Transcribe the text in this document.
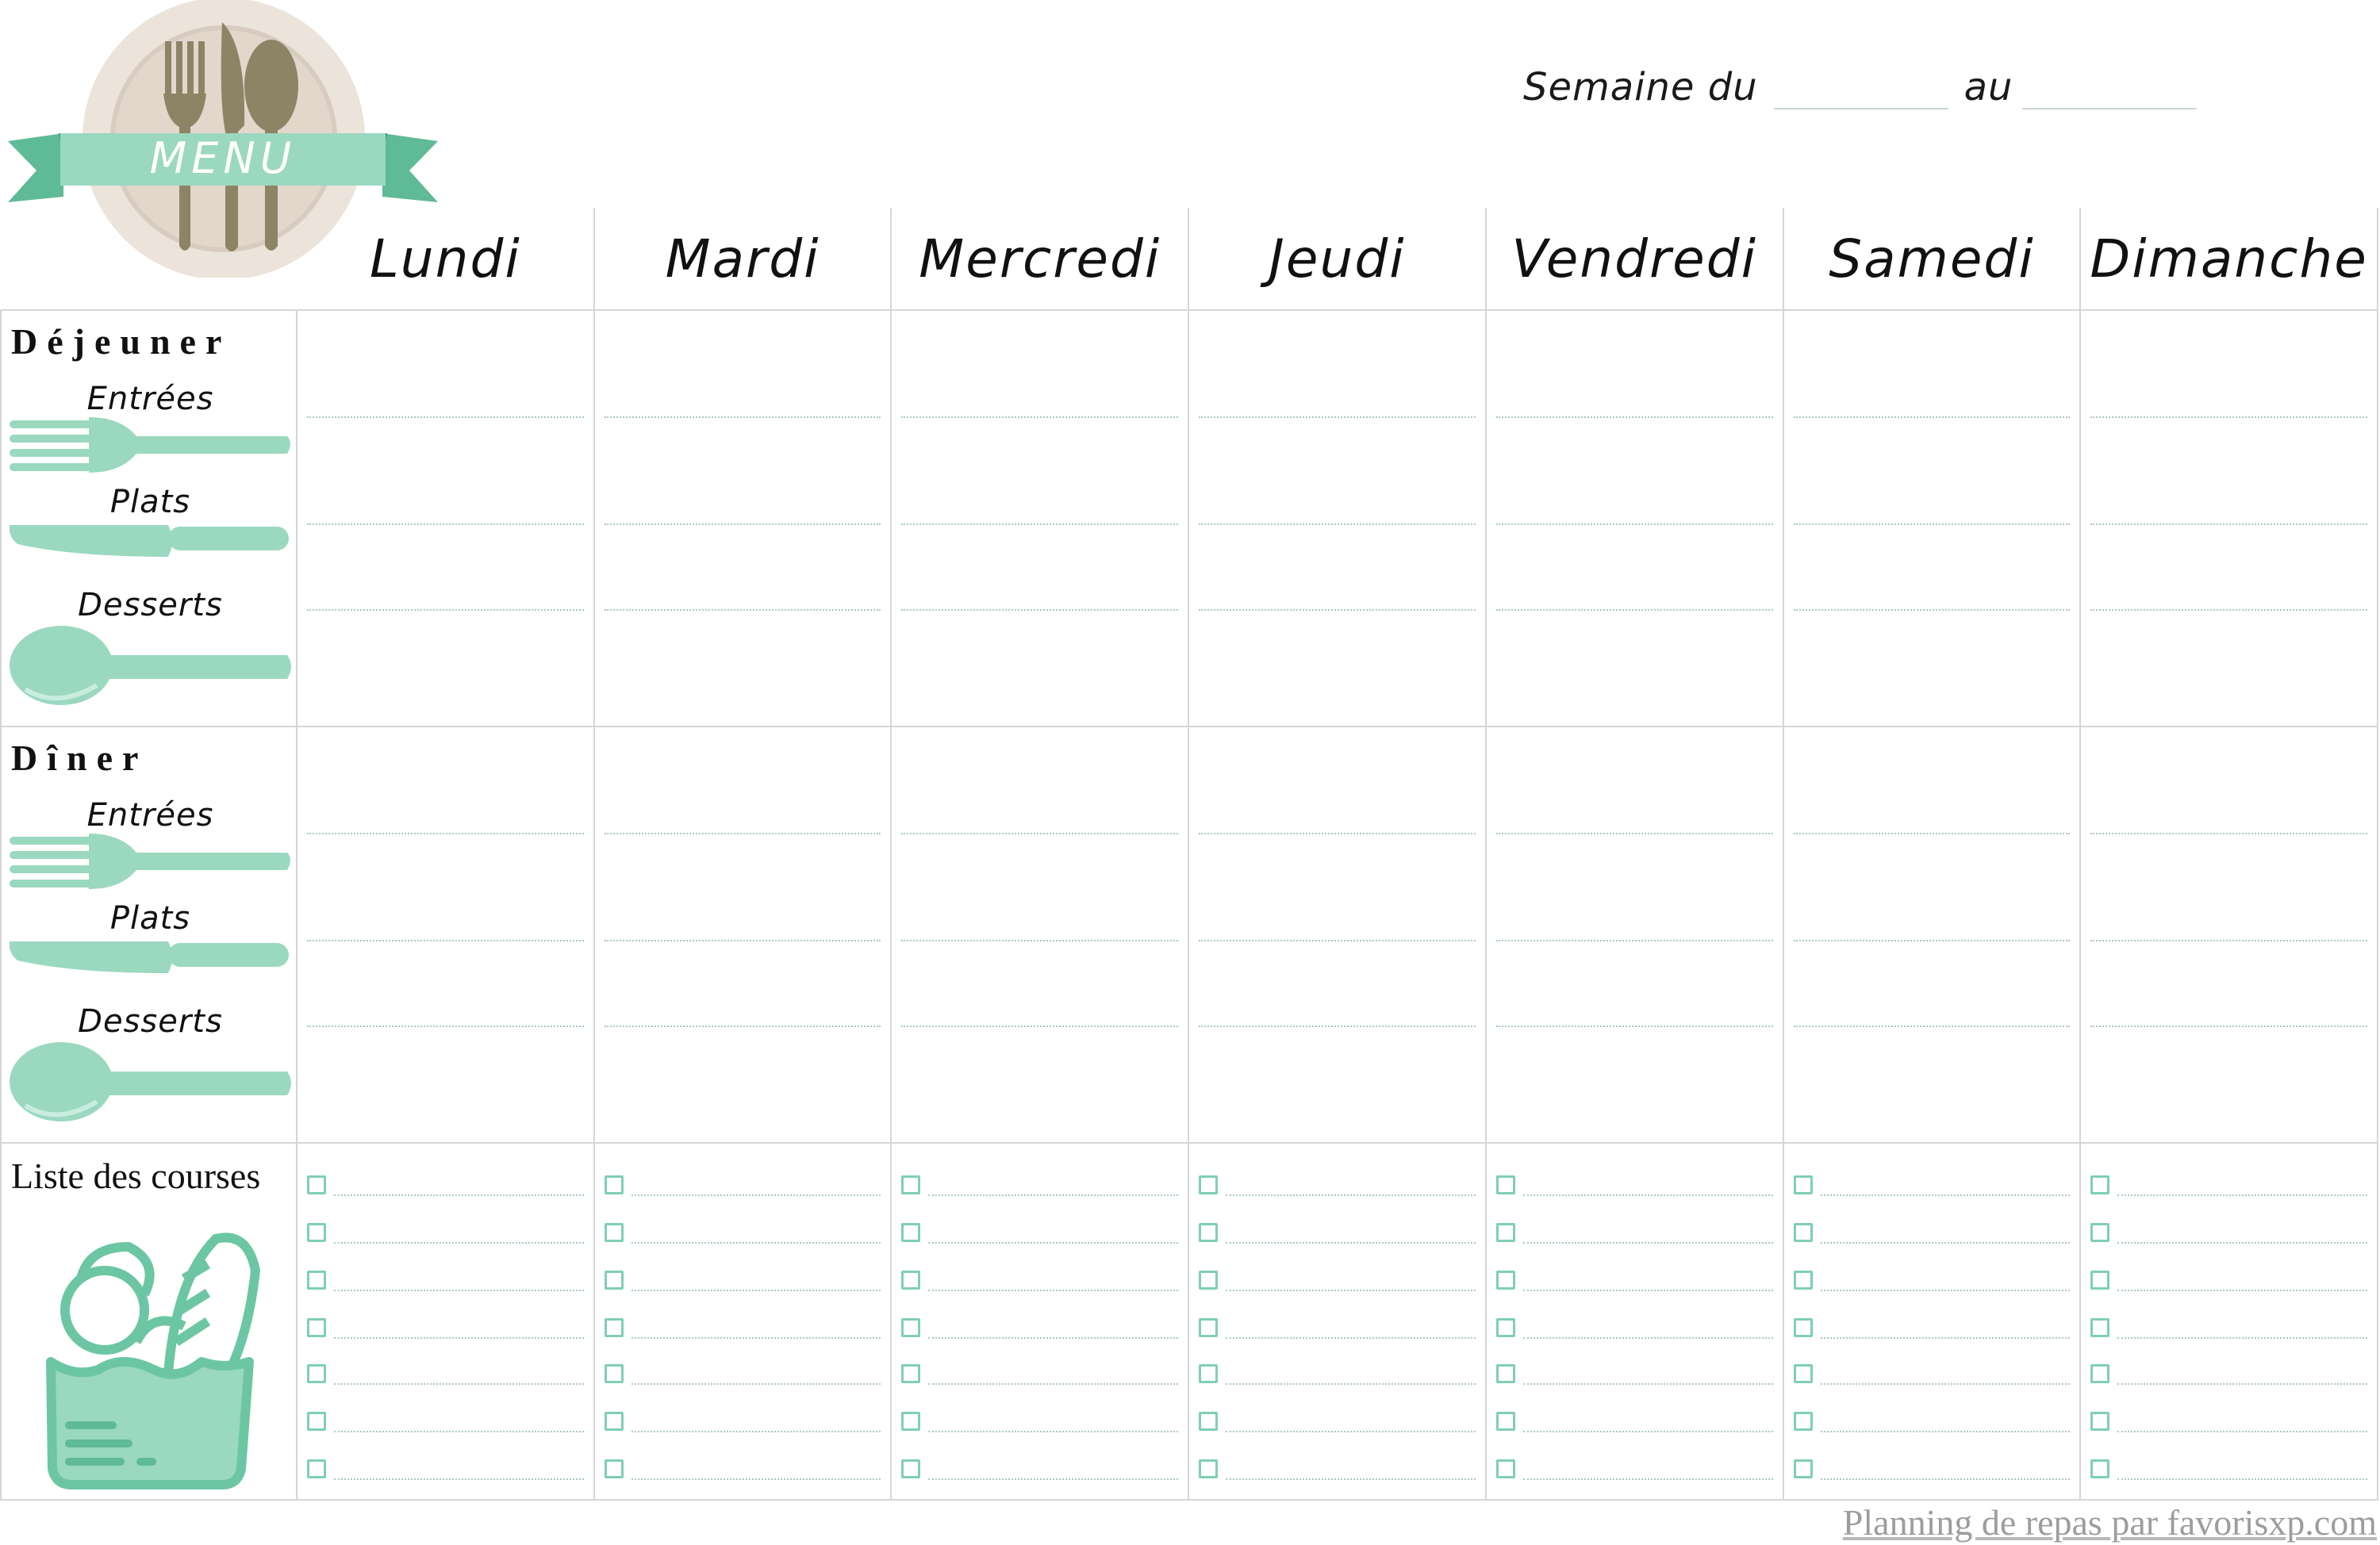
MENU
Semaine du	au
Lundi	Mardi Mercredi Jeudi Vendredi Samedi Dimanche
Déjeuner
Entrées
Plats
Desserts
Dîner
Entrées
Plats
Desserts
Liste des courses
Planning de repas par favorisxp.com
